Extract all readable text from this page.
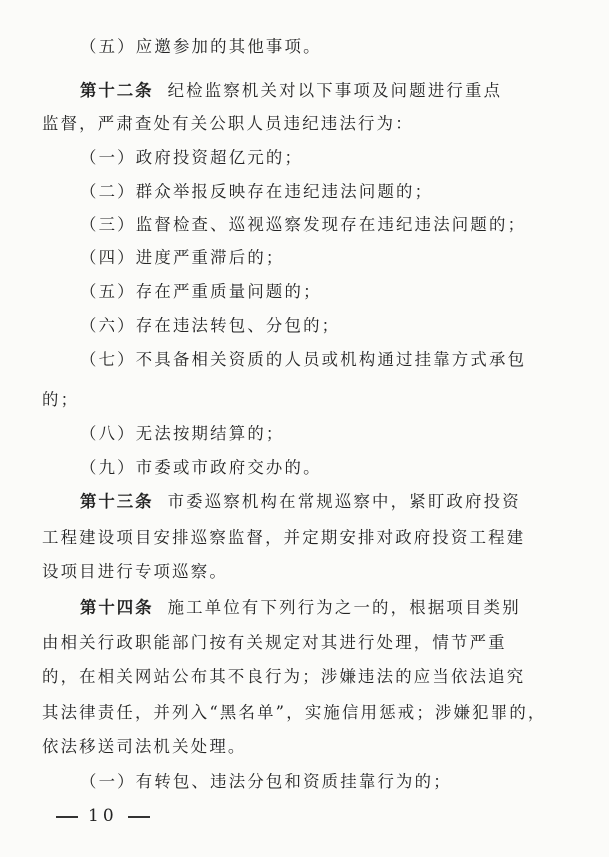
（五）应邀参加的其他事项。
第十二条 纪检监察机关对以下事项及问题进行重点
监督，严肃查处有关公职人员违纪违法行为：
（一）政府投资超亿元的；
（二）群众举报反映存在违纪违法问题的；
（三）监督检查、巡视巡察发现存在违纪违法问题的；
（四）进度严重滞后的；
（五）存在严重质量问题的；
（六）存在违法转包、分包的；
（七）不具备相关资质的人员或机构通过挂靠方式承包
的；
（八）无法按期结算的；
（九）市委或市政府交办的。
第十三条 市委巡察机构在常规巡察中，紧盯政府投资
工程建设项目安排巡察监督，并定期安排对政府投资工程建
设项目进行专项巡察。
第十四条 施工单位有下列行为之一的，根据项目类别
由相关行政职能部门按有关规定对其进行处理，情节严重
的，在相关网站公布其不良行为；涉嫌违法的应当依法追究
其法律责任，并列入“黑名单”，实施信用惩戒；涉嫌犯罪的，
依法移送司法机关处理。
（一）有转包、违法分包和资质挂靠行为的；
10
